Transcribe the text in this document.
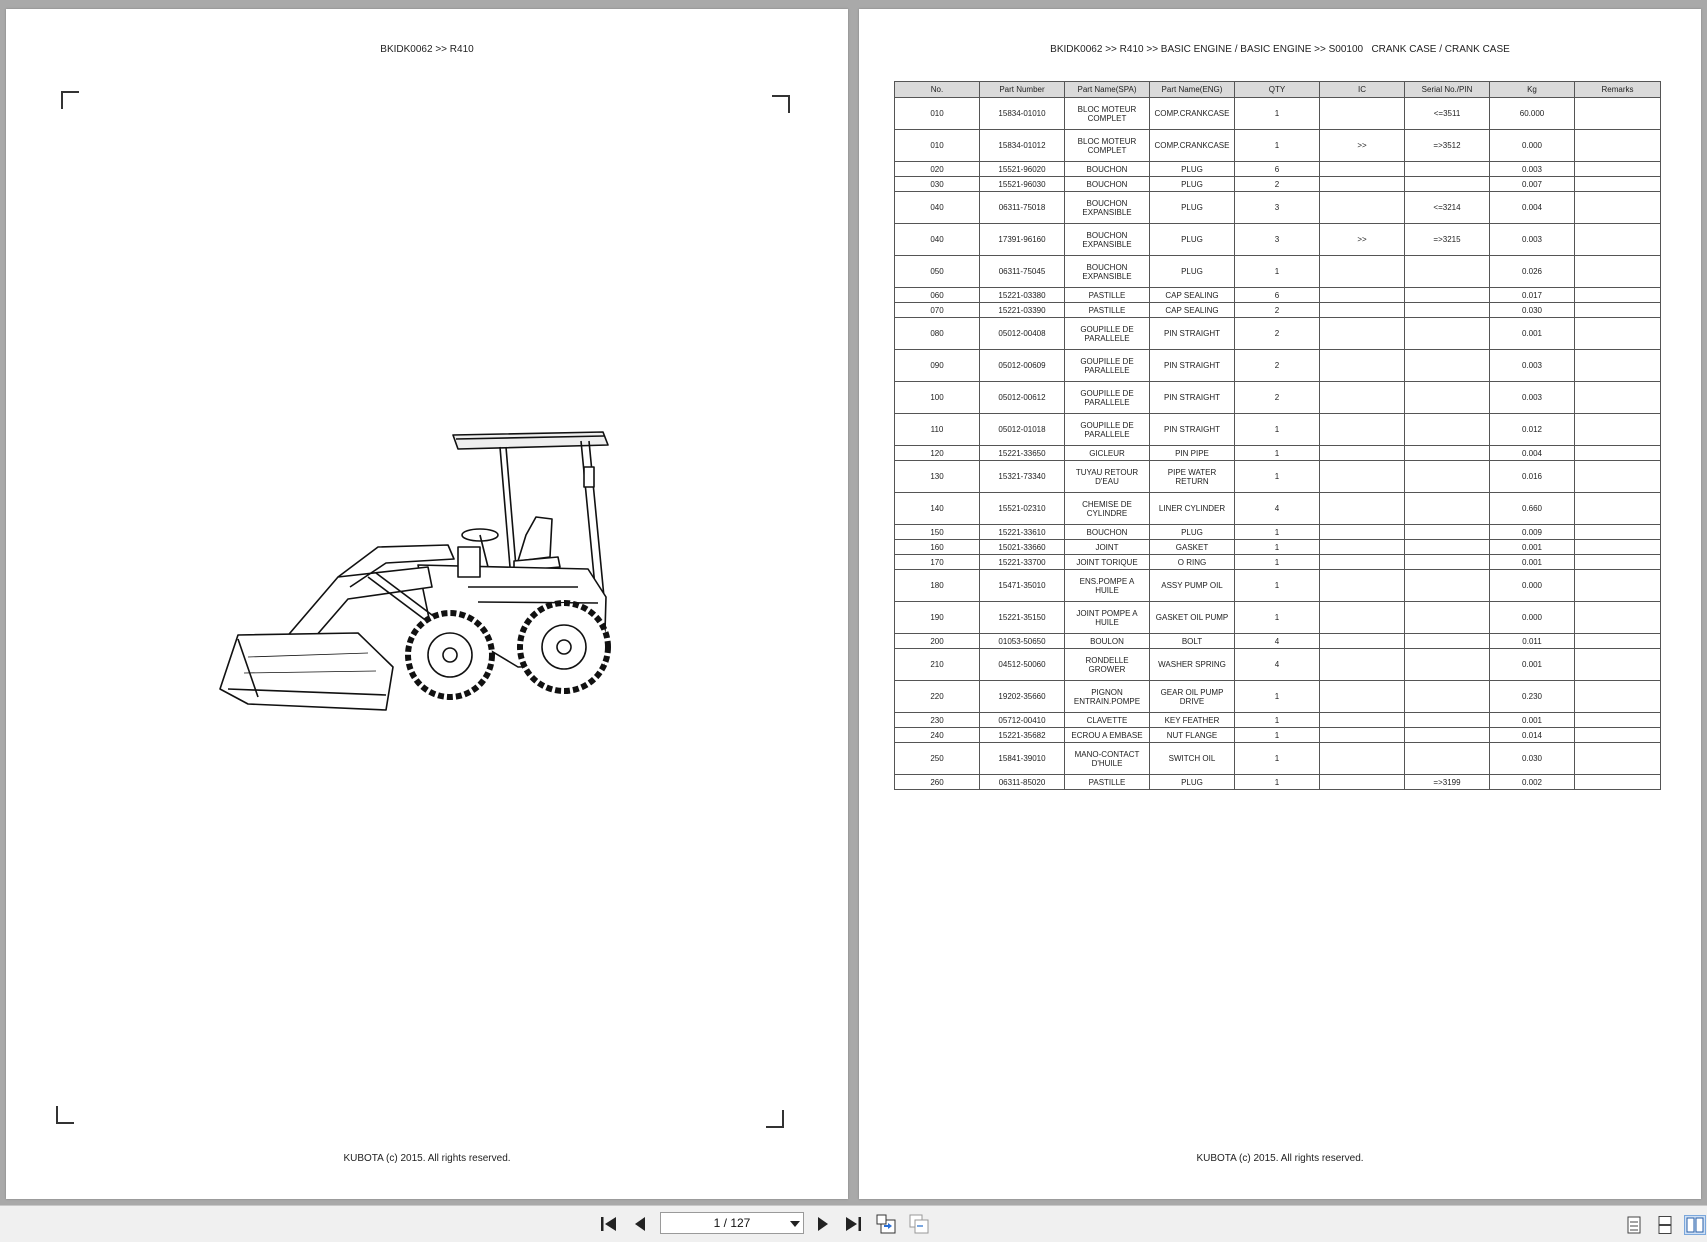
BKIDK0062 >> R410
KUBOTA (c) 2015. All rights reserved.
BKIDK0062 >> R410 >> BASIC ENGINE / BASIC ENGINE >> S00100   CRANK CASE / CRANK CASE
No.	Part Number	Part Name(SPA)	Part Name(ENG)	QTY	IC	Serial No./PIN	Kg	Remarks
010	15834-01010	BLOC MOTEUR COMPLET	COMP.CRANKCASE	1		<=3511	60.000	
010	15834-01012	BLOC MOTEUR COMPLET	COMP.CRANKCASE	1	>>	=>3512	0.000	
020	15521-96020	BOUCHON	PLUG	6			0.003	
030	15521-96030	BOUCHON	PLUG	2			0.007	
040	06311-75018	BOUCHON EXPANSIBLE	PLUG	3		<=3214	0.004	
040	17391-96160	BOUCHON EXPANSIBLE	PLUG	3	>>	=>3215	0.003	
050	06311-75045	BOUCHON EXPANSIBLE	PLUG	1			0.026	
060	15221-03380	PASTILLE	CAP SEALING	6			0.017	
070	15221-03390	PASTILLE	CAP SEALING	2			0.030	
080	05012-00408	GOUPILLE DE PARALLELE	PIN STRAIGHT	2			0.001	
090	05012-00609	GOUPILLE DE PARALLELE	PIN STRAIGHT	2			0.003	
100	05012-00612	GOUPILLE DE PARALLELE	PIN STRAIGHT	2			0.003	
110	05012-01018	GOUPILLE DE PARALLELE	PIN STRAIGHT	1			0.012	
120	15221-33650	GICLEUR	PIN PIPE	1			0.004	
130	15321-73340	TUYAU RETOUR D'EAU	PIPE WATER RETURN	1			0.016	
140	15521-02310	CHEMISE DE CYLINDRE	LINER CYLINDER	4			0.660	
150	15221-33610	BOUCHON	PLUG	1			0.009	
160	15021-33660	JOINT	GASKET	1			0.001	
170	15221-33700	JOINT TORIQUE	O RING	1			0.001	
180	15471-35010	ENS.POMPE A HUILE	ASSY PUMP OIL	1			0.000	
190	15221-35150	JOINT POMPE A HUILE	GASKET OIL PUMP	1			0.000	
200	01053-50650	BOULON	BOLT	4			0.011	
210	04512-50060	RONDELLE GROWER	WASHER SPRING	4			0.001	
220	19202-35660	PIGNON ENTRAIN.POMPE	GEAR OIL PUMP DRIVE	1			0.230	
230	05712-00410	CLAVETTE	KEY FEATHER	1			0.001	
240	15221-35682	ECROU A EMBASE	NUT FLANGE	1			0.014	
250	15841-39010	MANO-CONTACT D'HUILE	SWITCH OIL	1			0.030	
260	06311-85020	PASTILLE	PLUG	1		=>3199	0.002	
KUBOTA (c) 2015. All rights reserved.
1 / 127
